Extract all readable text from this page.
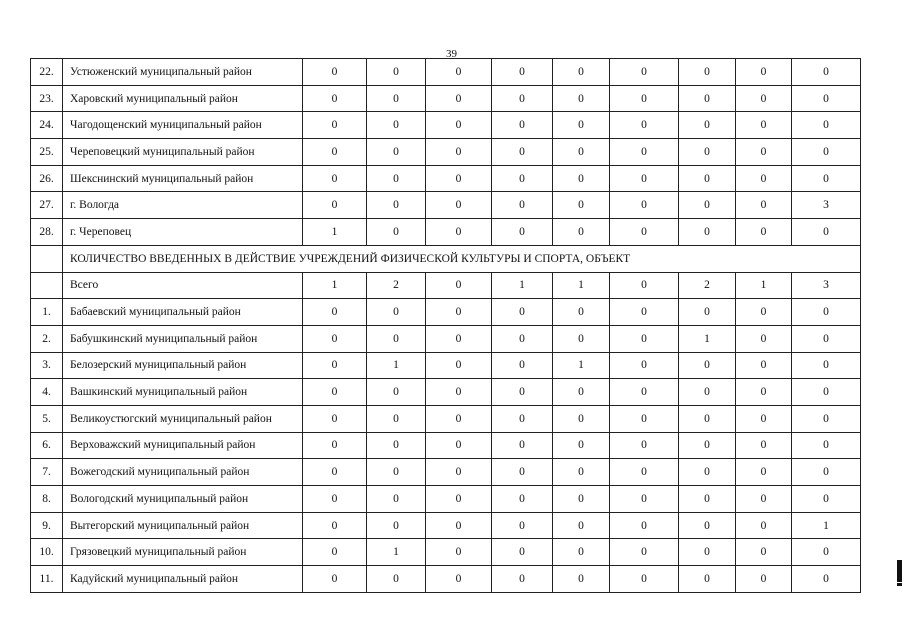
39
22.	Устюженский муниципальный район	0	0	0	0	0	0	0	0	0
23.	Харовский муниципальный район	0	0	0	0	0	0	0	0	0
24.	Чагодощенский муниципальный район	0	0	0	0	0	0	0	0	0
25.	Череповецкий муниципальный район	0	0	0	0	0	0	0	0	0
26.	Шекснинский муниципальный район	0	0	0	0	0	0	0	0	0
27.	г. Вологда	0	0	0	0	0	0	0	0	3
28.	г. Череповец	1	0	0	0	0	0	0	0	0
	КОЛИЧЕСТВО ВВЕДЕННЫХ В ДЕЙСТВИЕ УЧРЕЖДЕНИЙ ФИЗИЧЕСКОЙ КУЛЬТУРЫ И СПОРТА, ОБЪЕКТ									
	Всего	1	2	0	1	1	0	2	1	3
1.	Бабаевский муниципальный район	0	0	0	0	0	0	0	0	0
2.	Бабушкинский муниципальный район	0	0	0	0	0	0	1	0	0
3.	Белозерский муниципальный район	0	1	0	0	1	0	0	0	0
4.	Вашкинский муниципальный район	0	0	0	0	0	0	0	0	0
5.	Великоустюгский муниципальный район	0	0	0	0	0	0	0	0	0
6.	Верховажский муниципальный район	0	0	0	0	0	0	0	0	0
7.	Вожегодский муниципальный район	0	0	0	0	0	0	0	0	0
8.	Вологодский муниципальный район	0	0	0	0	0	0	0	0	0
9.	Вытегорский муниципальный район	0	0	0	0	0	0	0	0	1
10.	Грязовецкий муниципальный район	0	1	0	0	0	0	0	0	0
11.	Кадуйский муниципальный район	0	0	0	0	0	0	0	0	0
